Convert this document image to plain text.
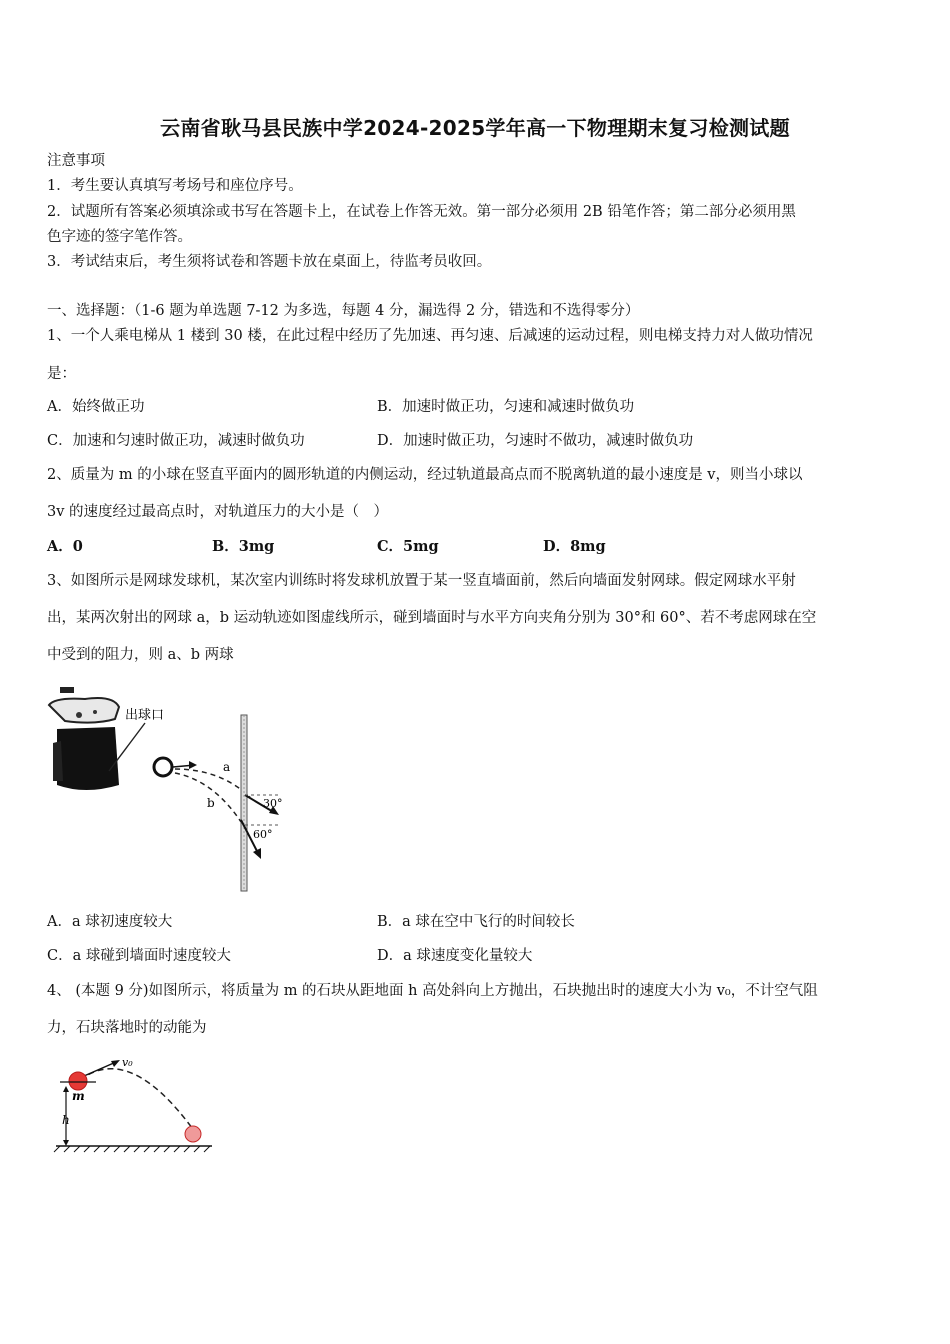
云南省耿马县民族中学2024-2025学年高一下物理期末复习检测试题
注意事项
1．考生要认真填写考场号和座位序号。
2．试题所有答案必须填涂或书写在答题卡上，在试卷上作答无效。第一部分必须用 2B 铅笔作答；第二部分必须用黑
色字迹的签字笔作答。
3．考试结束后，考生须将试卷和答题卡放在桌面上，待监考员收回。
一、选择题：（1-6 题为单选题 7-12 为多选，每题 4 分，漏选得 2 分，错选和不选得零分）
1、一个人乘电梯从 1 楼到 30 楼，在此过程中经历了先加速、再匀速、后减速的运动过程，则电梯支持力对人做功情况
是：
A．始终做正功	B．加速时做正功，匀速和减速时做负功
C．加速和匀速时做正功，减速时做负功	D．加速时做正功，匀速时不做功，减速时做负功
2、质量为 m 的小球在竖直平面内的圆形轨道的内侧运动，经过轨道最高点而不脱离轨道的最小速度是 v，则当小球以
3v 的速度经过最高点时，对轨道压力的大小是（　）
A．0	B．3mg	C．5mg	D．8mg
3、如图所示是网球发球机，某次室内训练时将发球机放置于某一竖直墙面前，然后向墙面发射网球。假定网球水平射
出，某两次射出的网球 a，b 运动轨迹如图虚线所示，碰到墙面时与水平方向夹角分别为 30°和 60°、若不考虑网球在空
中受到的阻力，则 a、b 两球
出球口
a
b	30°
60°
A．a 球初速度较大	B．a 球在空中飞行的时间较长
C．a 球碰到墙面时速度较大	D．a 球速度变化量较大
4、 (本题 9 分)如图所示，将质量为 m 的石块从距地面 h 高处斜向上方抛出，石块抛出时的速度大小为 v₀，不计空气阻
力，石块落地时的动能为
v₀
m
h
